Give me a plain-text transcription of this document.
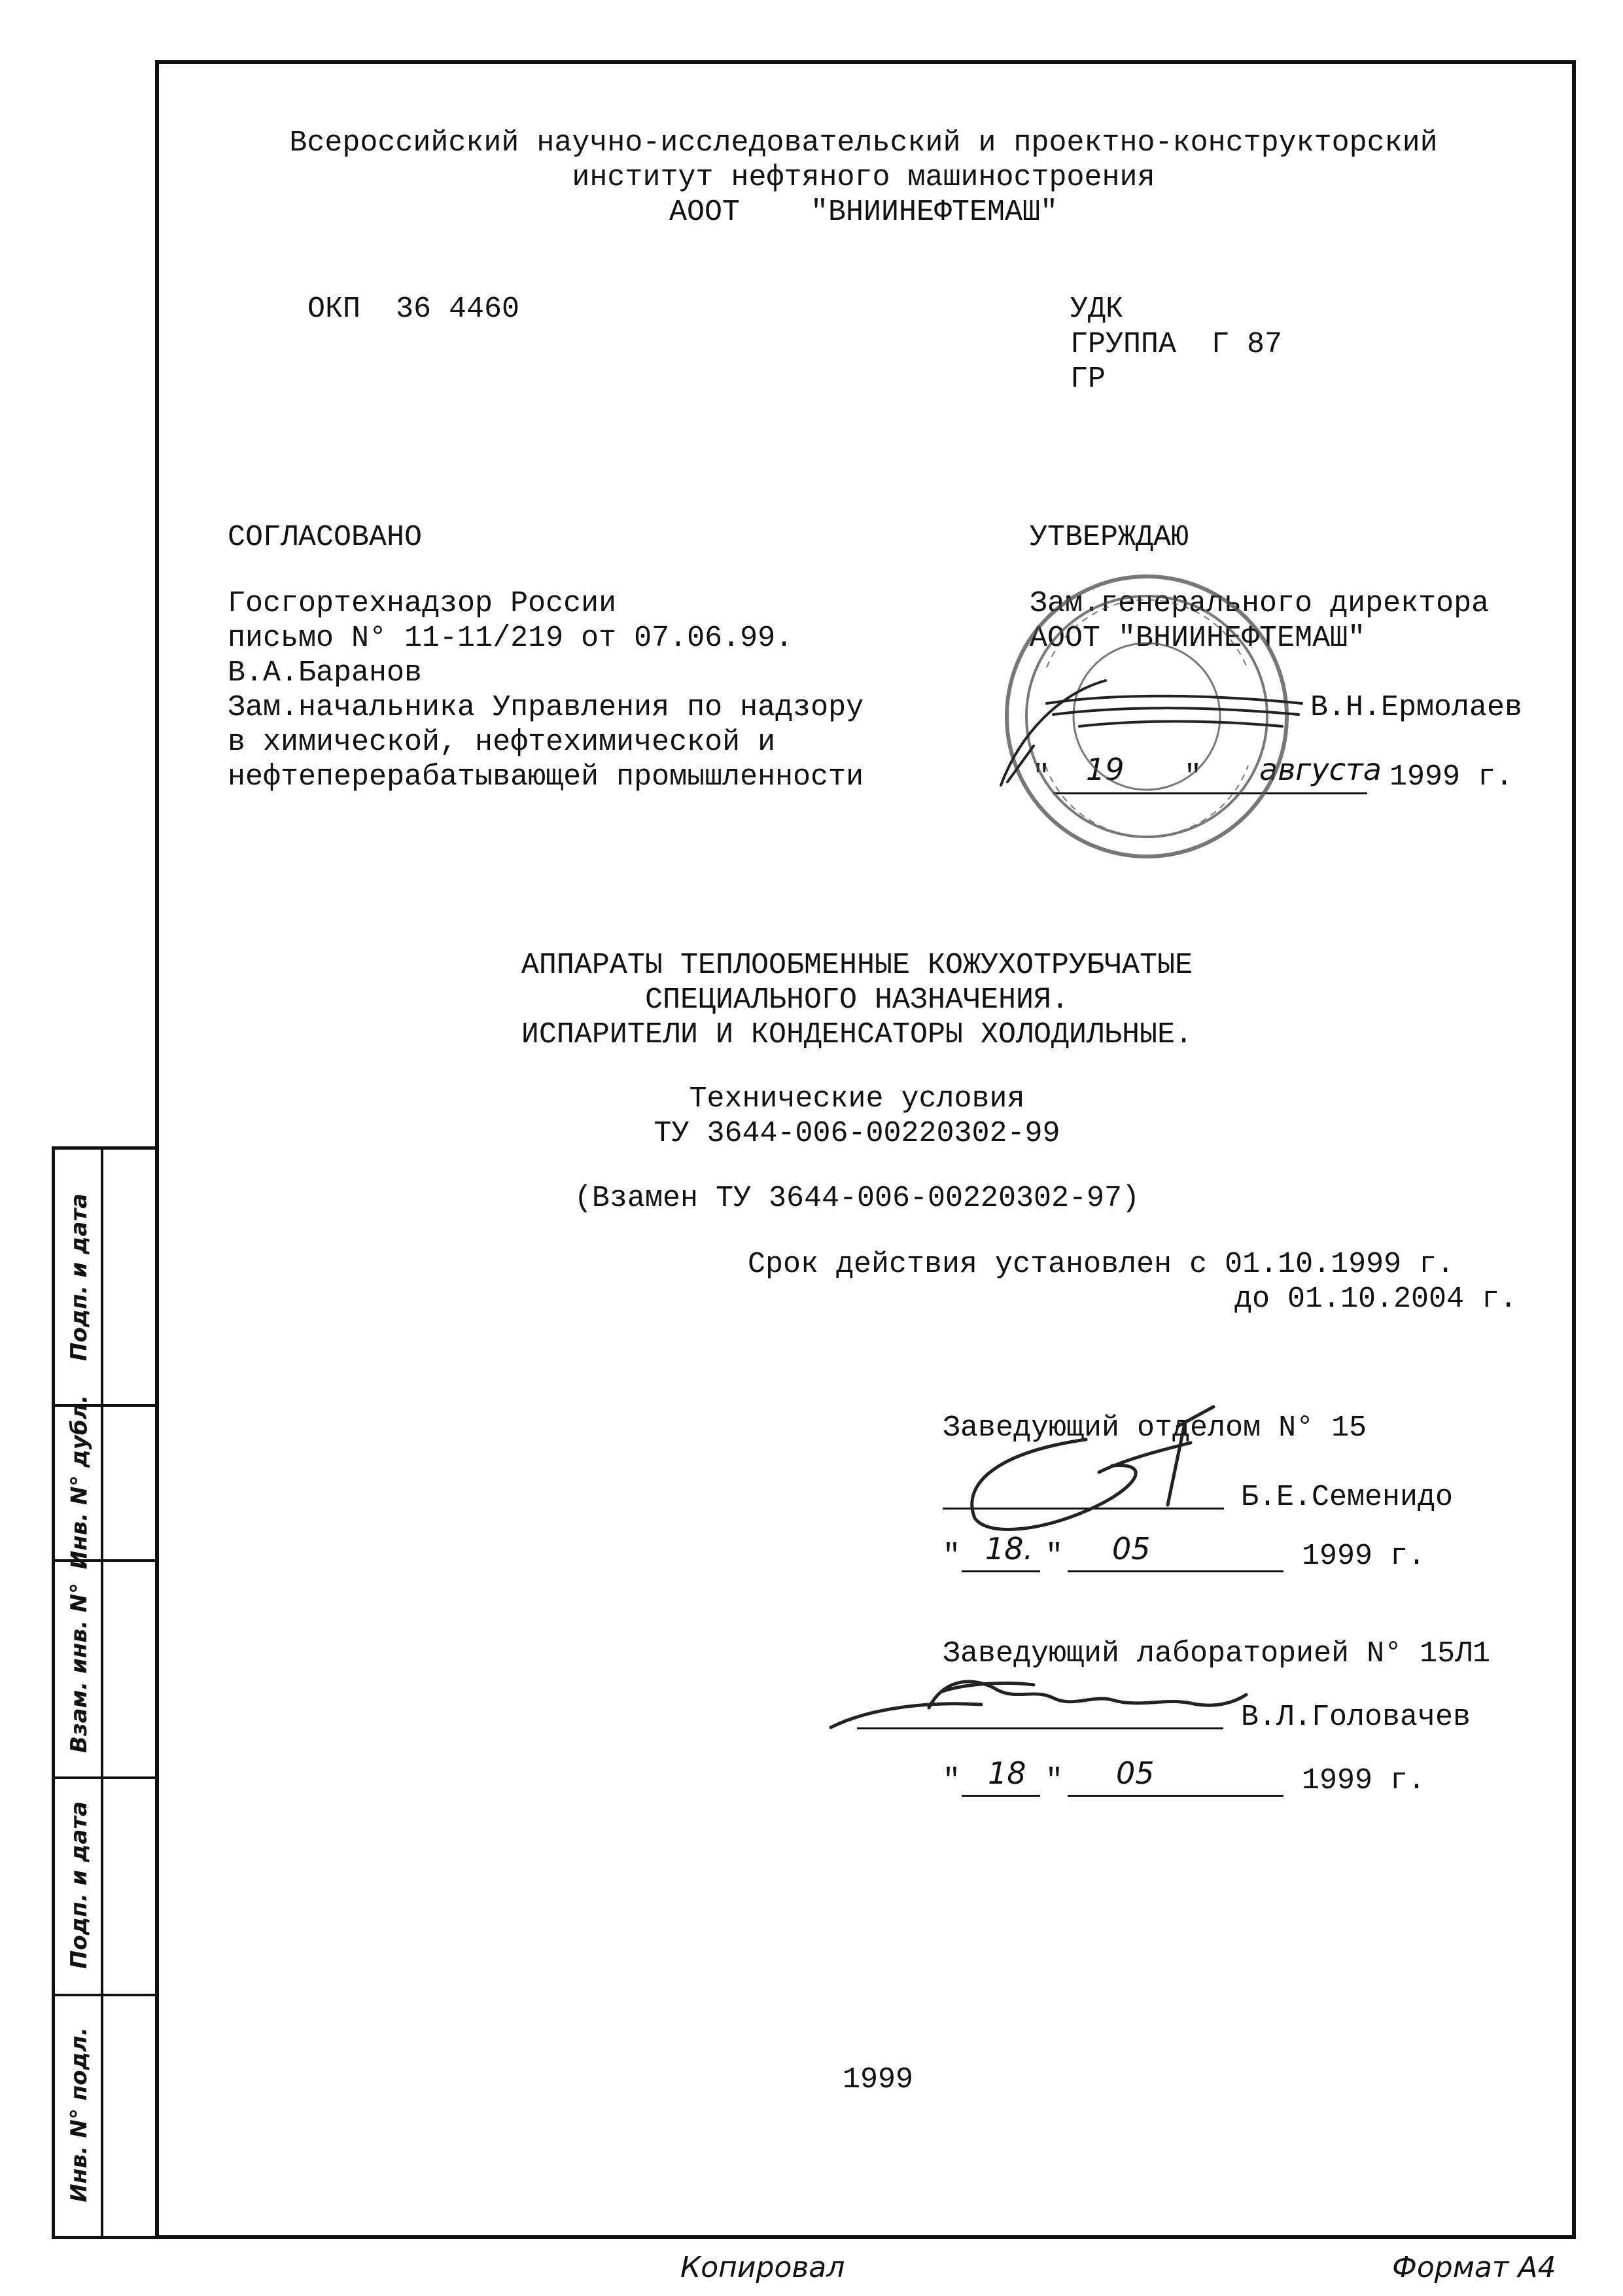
Подп. и дата
Инв. N° дубл.
Взам. инв. N°
Подп. и дата
Инв. N° подл.
Всероссийский научно-исследовательский и проектно-конструкторский
институт нефтяного машиностроения
АООТ    "ВНИИНЕФТЕМАШ"
ОКП  36 4460	УДК
ГРУППА  Г 87
ГР
СОГЛАСОВАНО
Госгортехнадзор России
письмо N° 11-11/219 от 07.06.99.
В.А.Баранов
Зам.начальника Управления по надзору
в химической, нефтехимической и
нефтеперерабатывающей промышленности
УТВЕРЖДАЮ
Зам.генерального директора
АООТ "ВНИИНЕФТЕМАШ"
В.Н.Ермолаев
" 19 " августа 1999 г.
АППАРАТЫ ТЕПЛООБМЕННЫЕ КОЖУХОТРУБЧАТЫЕ
СПЕЦИАЛЬНОГО НАЗНАЧЕНИЯ.
ИСПАРИТЕЛИ И КОНДЕНСАТОРЫ ХОЛОДИЛЬНЫЕ.
Технические условия
ТУ 3644-006-00220302-99
(Взамен ТУ 3644-006-00220302-97)
Срок действия установлен с 01.10.1999 г.
до 01.10.2004 г.
Заведующий отделом N° 15
Б.Е.Семенидо
" 18. " 05	1999 г.
Заведующий лабораторией N° 15Л1
В.Л.Головачев
" 18 " 05	1999 г.
1999
Копировал	Формат А4
